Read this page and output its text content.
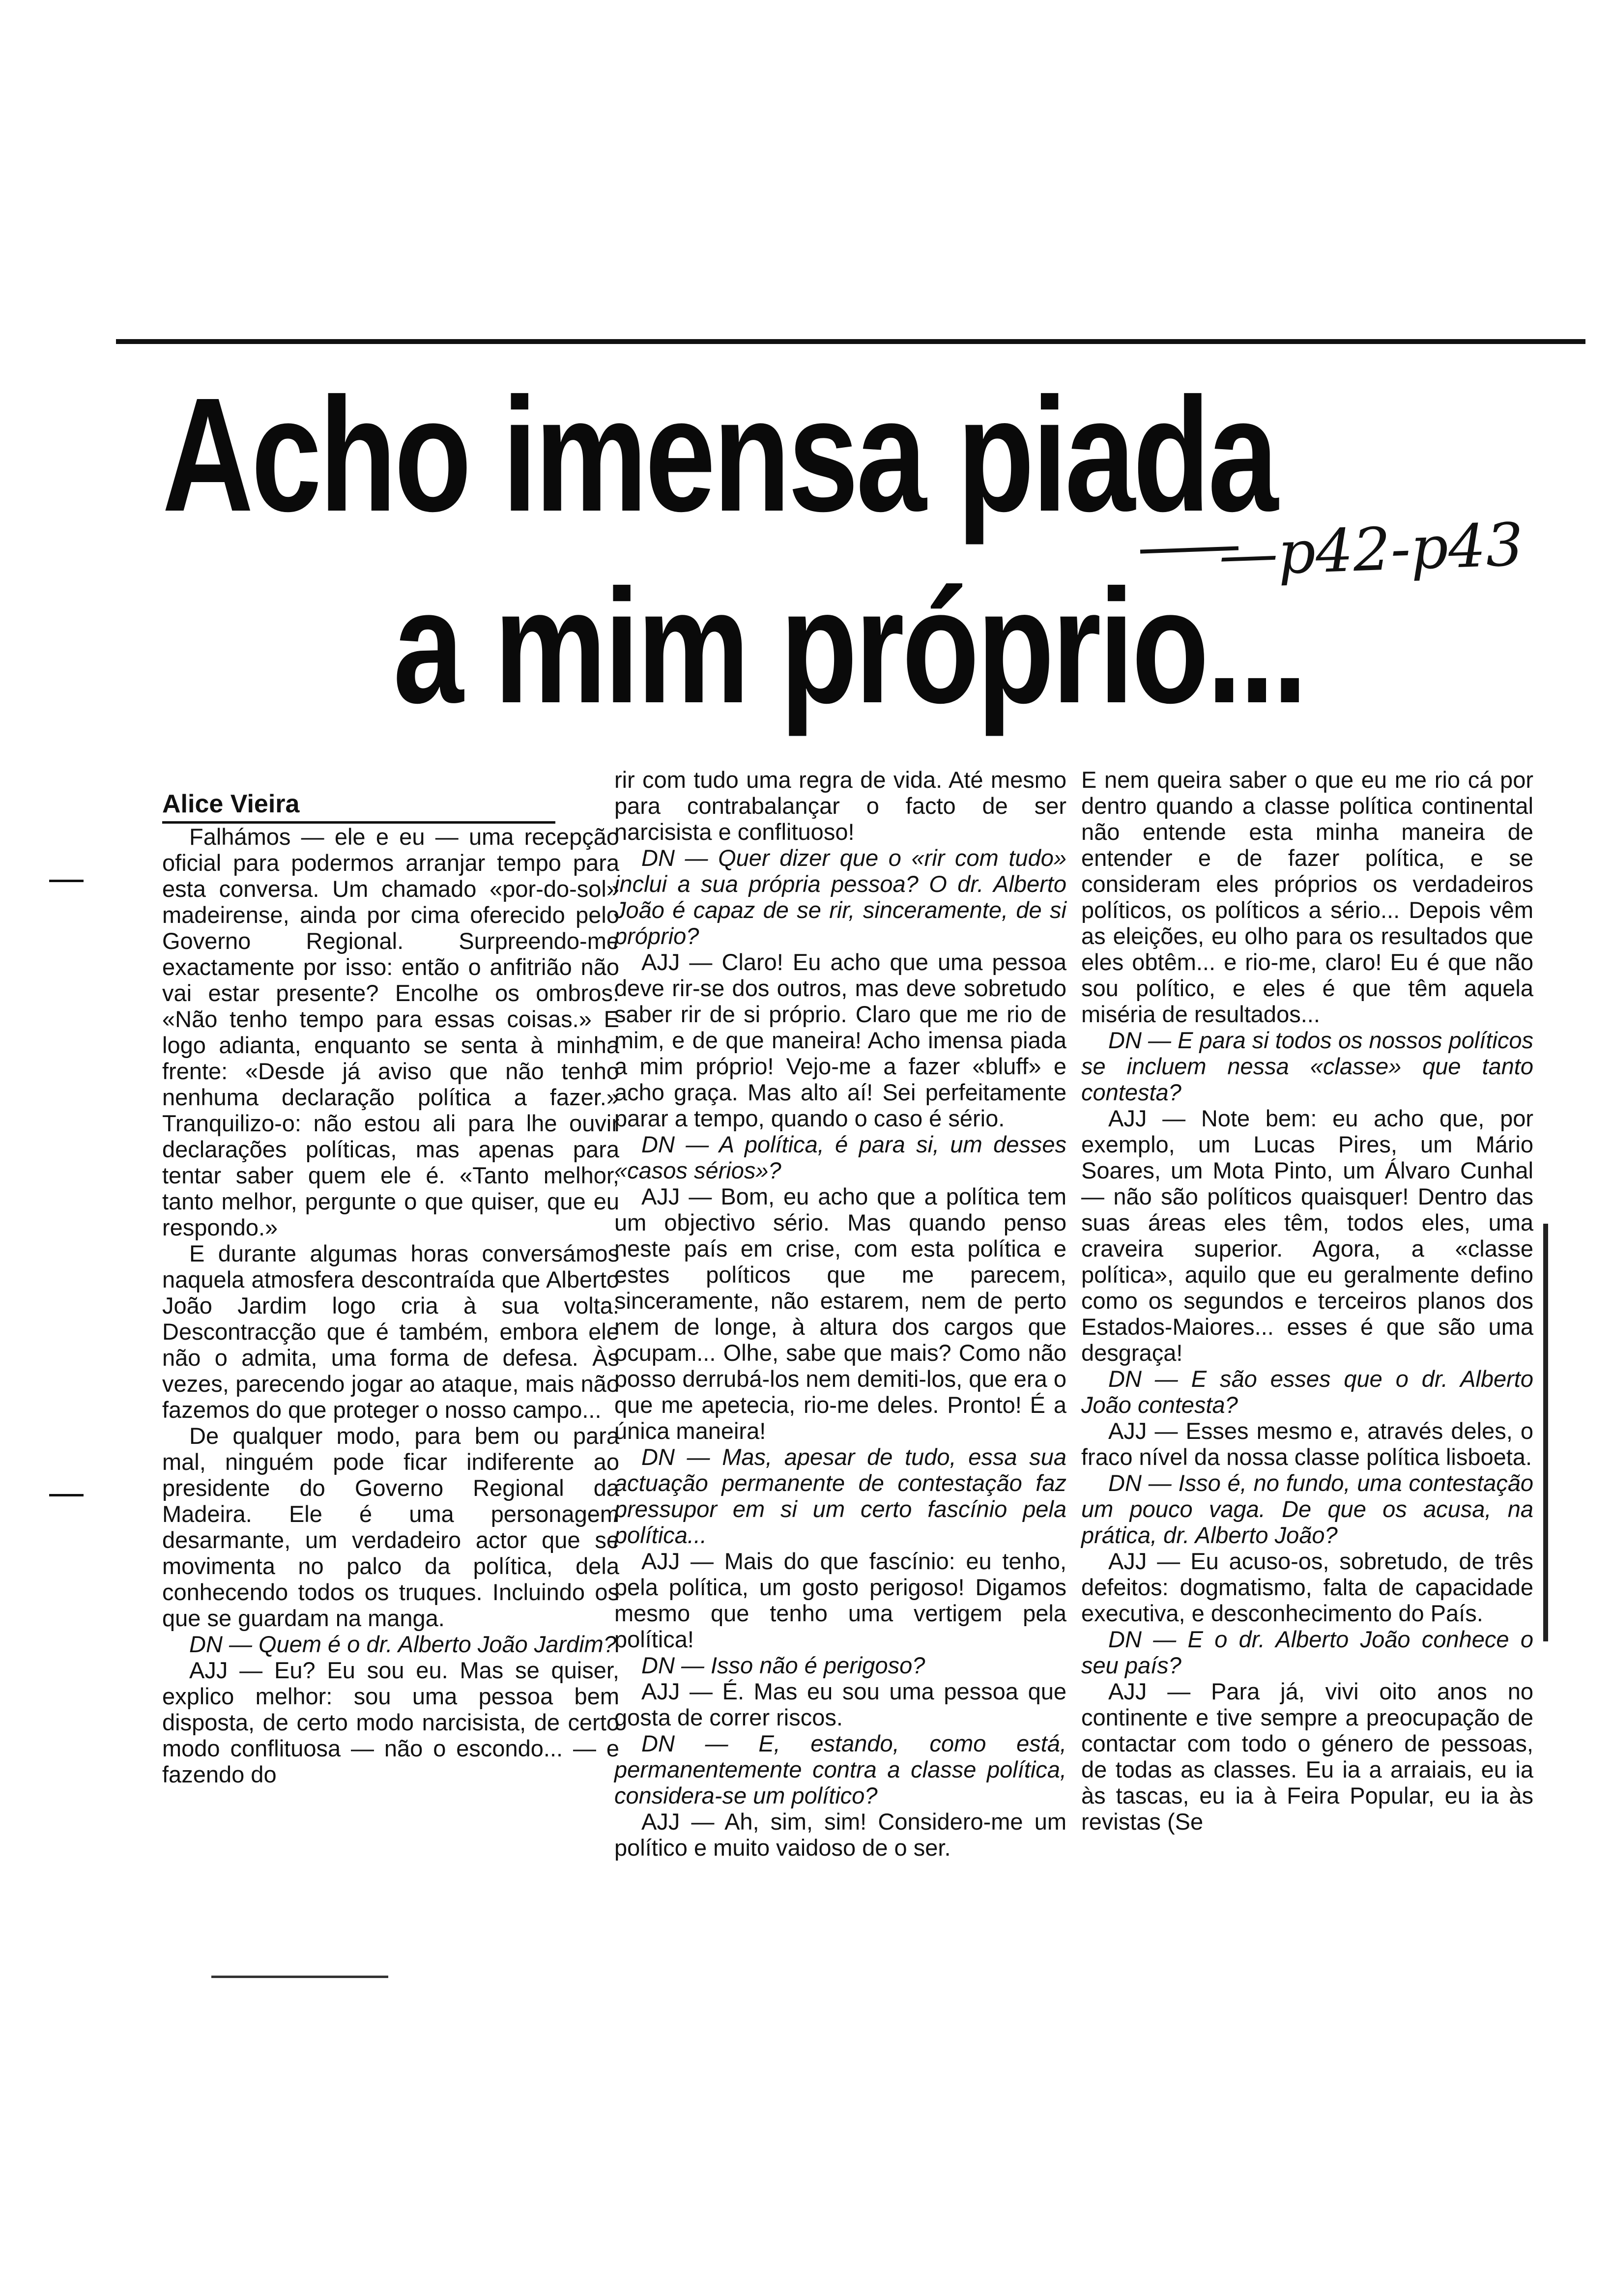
Acho imensa piada
a mim próprio...
—p42-p43

Alice Vieira

Falhámos — ele e eu — uma recepção oficial para podermos arranjar tempo para esta conversa. Um chamado «por-do-sol» madeirense, ainda por cima oferecido pelo Governo Regional. Surpreendo-me exactamente por isso: então o anfitrião não vai estar presente? Encolhe os ombros: «Não tenho tempo para essas coisas.» E logo adianta, enquanto se senta à minha frente: «Desde já aviso que não tenho nenhuma declaração política a fazer.» Tranquilizo-o: não estou ali para lhe ouvir declarações políticas, mas apenas para tentar saber quem ele é. «Tanto melhor, tanto melhor, pergunte o que quiser, que eu respondo.»

E durante algumas horas conversámos naquela atmosfera descontraída que Alberto João Jardim logo cria à sua volta. Descontracção que é também, embora ele não o admita, uma forma de defesa. Às vezes, parecendo jogar ao ataque, mais não fazemos do que proteger o nosso campo...

De qualquer modo, para bem ou para mal, ninguém pode ficar indiferente ao presidente do Governo Regional da Madeira. Ele é uma personagem desarmante, um verdadeiro actor que se movimenta no palco da política, dela conhecendo todos os truques. Incluindo os que se guardam na manga.

DN — Quem é o dr. Alberto João Jardim?

AJJ — Eu? Eu sou eu. Mas se quiser, explico melhor: sou uma pessoa bem disposta, de certo modo narcisista, de certo modo conflituosa — não o escondo... — e fazendo do

rir com tudo uma regra de vida. Até mesmo para contrabalançar o facto de ser narcisista e conflituoso!

DN — Quer dizer que o «rir com tudo» inclui a sua própria pessoa? O dr. Alberto João é capaz de se rir, sinceramente, de si próprio?

AJJ — Claro! Eu acho que uma pessoa deve rir-se dos outros, mas deve sobretudo saber rir de si próprio. Claro que me rio de mim, e de que maneira! Acho imensa piada a mim próprio! Vejo-me a fazer «bluff» e acho graça. Mas alto aí! Sei perfeitamente parar a tempo, quando o caso é sério.

DN — A política, é para si, um desses «casos sérios»?

AJJ — Bom, eu acho que a política tem um objectivo sério. Mas quando penso neste país em crise, com esta política e estes políticos que me parecem, sinceramente, não estarem, nem de perto nem de longe, à altura dos cargos que ocupam... Olhe, sabe que mais? Como não posso derrubá-los nem demiti-los, que era o que me apetecia, rio-me deles. Pronto! É a única maneira!

DN — Mas, apesar de tudo, essa sua actuação permanente de contestação faz pressupor em si um certo fascínio pela política...

AJJ — Mais do que fascínio: eu tenho, pela política, um gosto perigoso! Digamos mesmo que tenho uma vertigem pela política!

DN — Isso não é perigoso?

AJJ — É. Mas eu sou uma pessoa que gosta de correr riscos.

DN — E, estando, como está, permanentemente contra a classe política, considera-se um político?

AJJ — Ah, sim, sim! Considero-me um político e muito vaidoso de o ser.

E nem queira saber o que eu me rio cá por dentro quando a classe política continental não entende esta minha maneira de entender e de fazer política, e se consideram eles próprios os verdadeiros políticos, os políticos a sério... Depois vêm as eleições, eu olho para os resultados que eles obtêm... e rio-me, claro! Eu é que não sou político, e eles é que têm aquela miséria de resultados...

DN — E para si todos os nossos políticos se incluem nessa «classe» que tanto contesta?

AJJ — Note bem: eu acho que, por exemplo, um Lucas Pires, um Mário Soares, um Mota Pinto, um Álvaro Cunhal — não são políticos quaisquer! Dentro das suas áreas eles têm, todos eles, uma craveira superior. Agora, a «classe política», aquilo que eu geralmente defino como os segundos e terceiros planos dos Estados-Maiores... esses é que são uma desgraça!

DN — E são esses que o dr. Alberto João contesta?

AJJ — Esses mesmo e, através deles, o fraco nível da nossa classe política lisboeta.

DN — Isso é, no fundo, uma contestação um pouco vaga. De que os acusa, na prática, dr. Alberto João?

AJJ — Eu acuso-os, sobretudo, de três defeitos: dogmatismo, falta de capacidade executiva, e desconhecimento do País.

DN — E o dr. Alberto João conhece o seu país?

AJJ — Para já, vivi oito anos no continente e tive sempre a preocupação de contactar com todo o género de pessoas, de todas as classes. Eu ia a arraiais, eu ia às tascas, eu ia à Feira Popular, eu ia às revistas (Se
